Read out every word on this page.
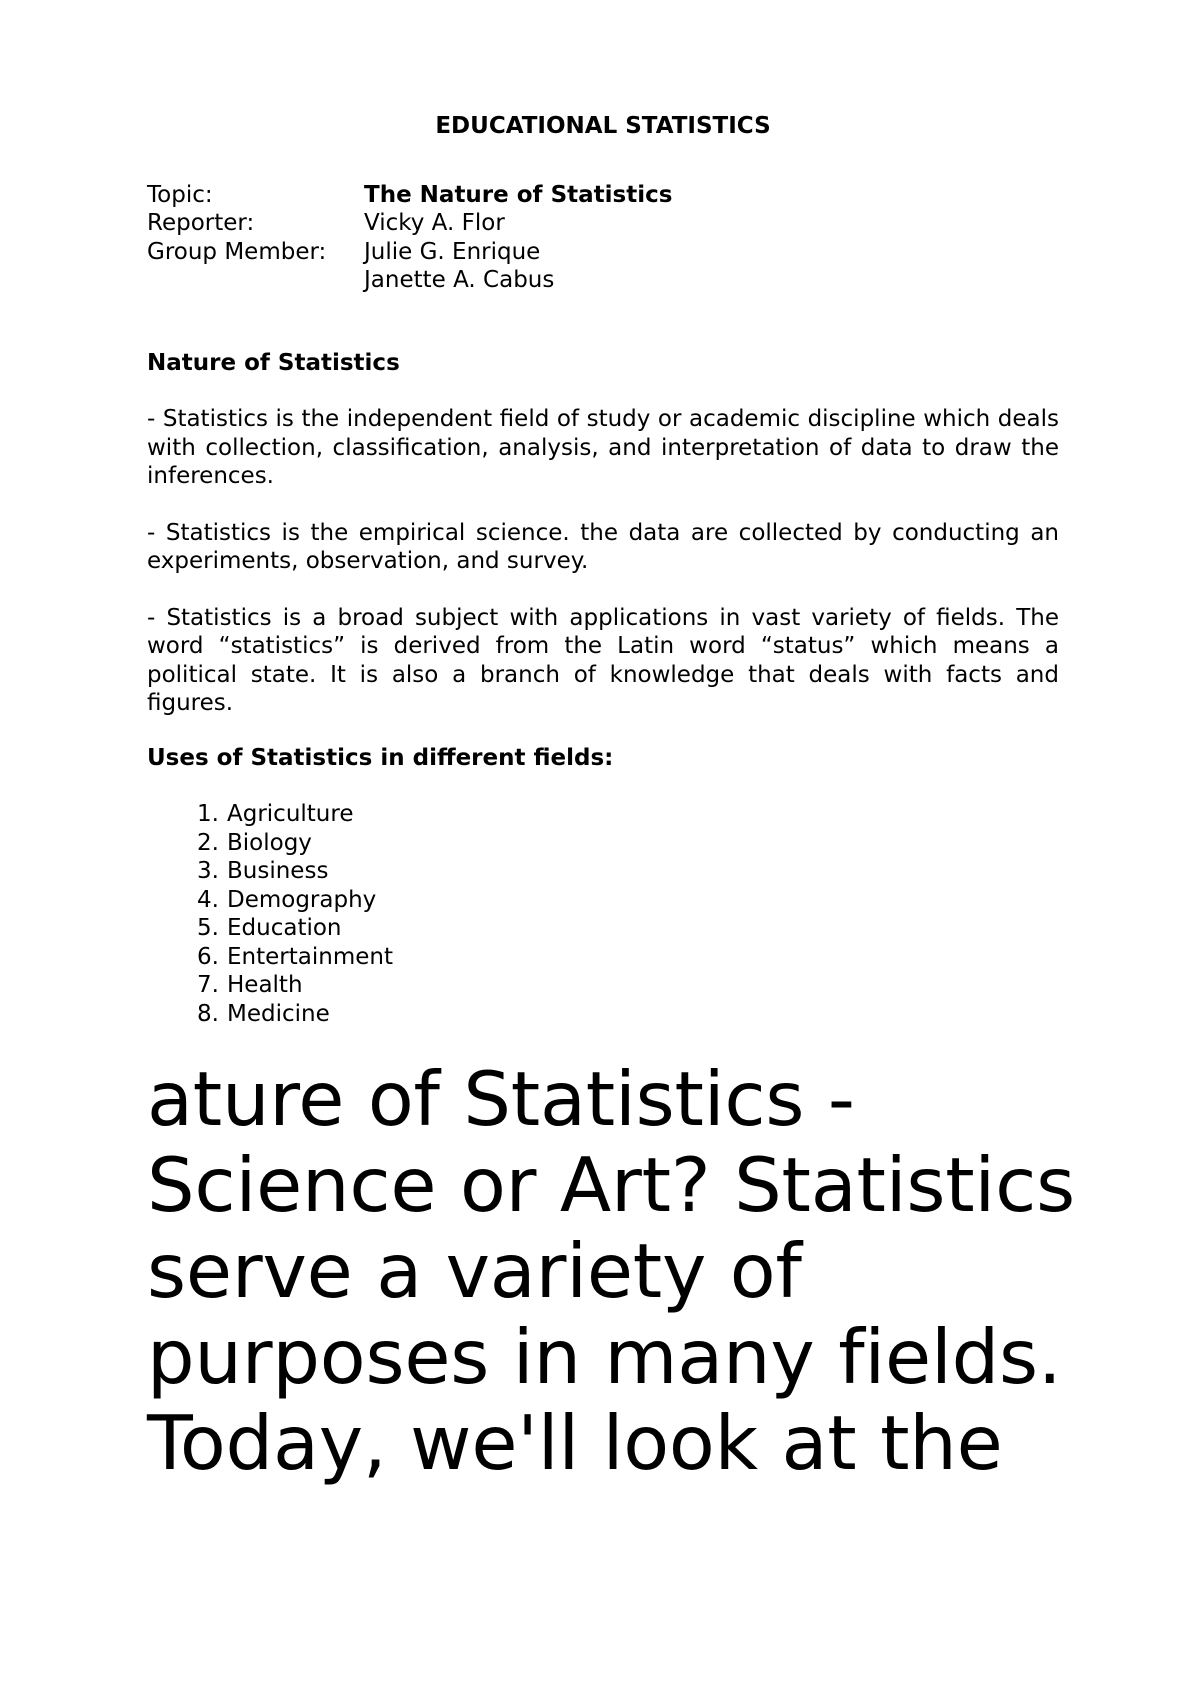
EDUCATIONAL STATISTICS
Topic:	The Nature of Statistics
Reporter:	Vicky A. Flor
Group Member:	Julie G. Enrique
Janette A. Cabus
Nature of Statistics
- Statistics is the independent field of study or academic discipline which deals with collection, classification, analysis, and interpretation of data to draw the inferences.
- Statistics is the empirical science. the data are collected by conducting an experiments, observation, and survey.
- Statistics is a broad subject with applications in vast variety of fields. The word “statistics” is derived from the Latin word “status” which means a political state. It is also a branch of knowledge that deals with facts and figures.
Uses of Statistics in different fields:
1. Agriculture
2. Biology
3. Business
4. Demography
5. Education
6. Entertainment
7. Health
8. Medicine

ature of Statistics - Science or Art? Statistics serve a variety of purposes in many fields. Today, we'll look at the
